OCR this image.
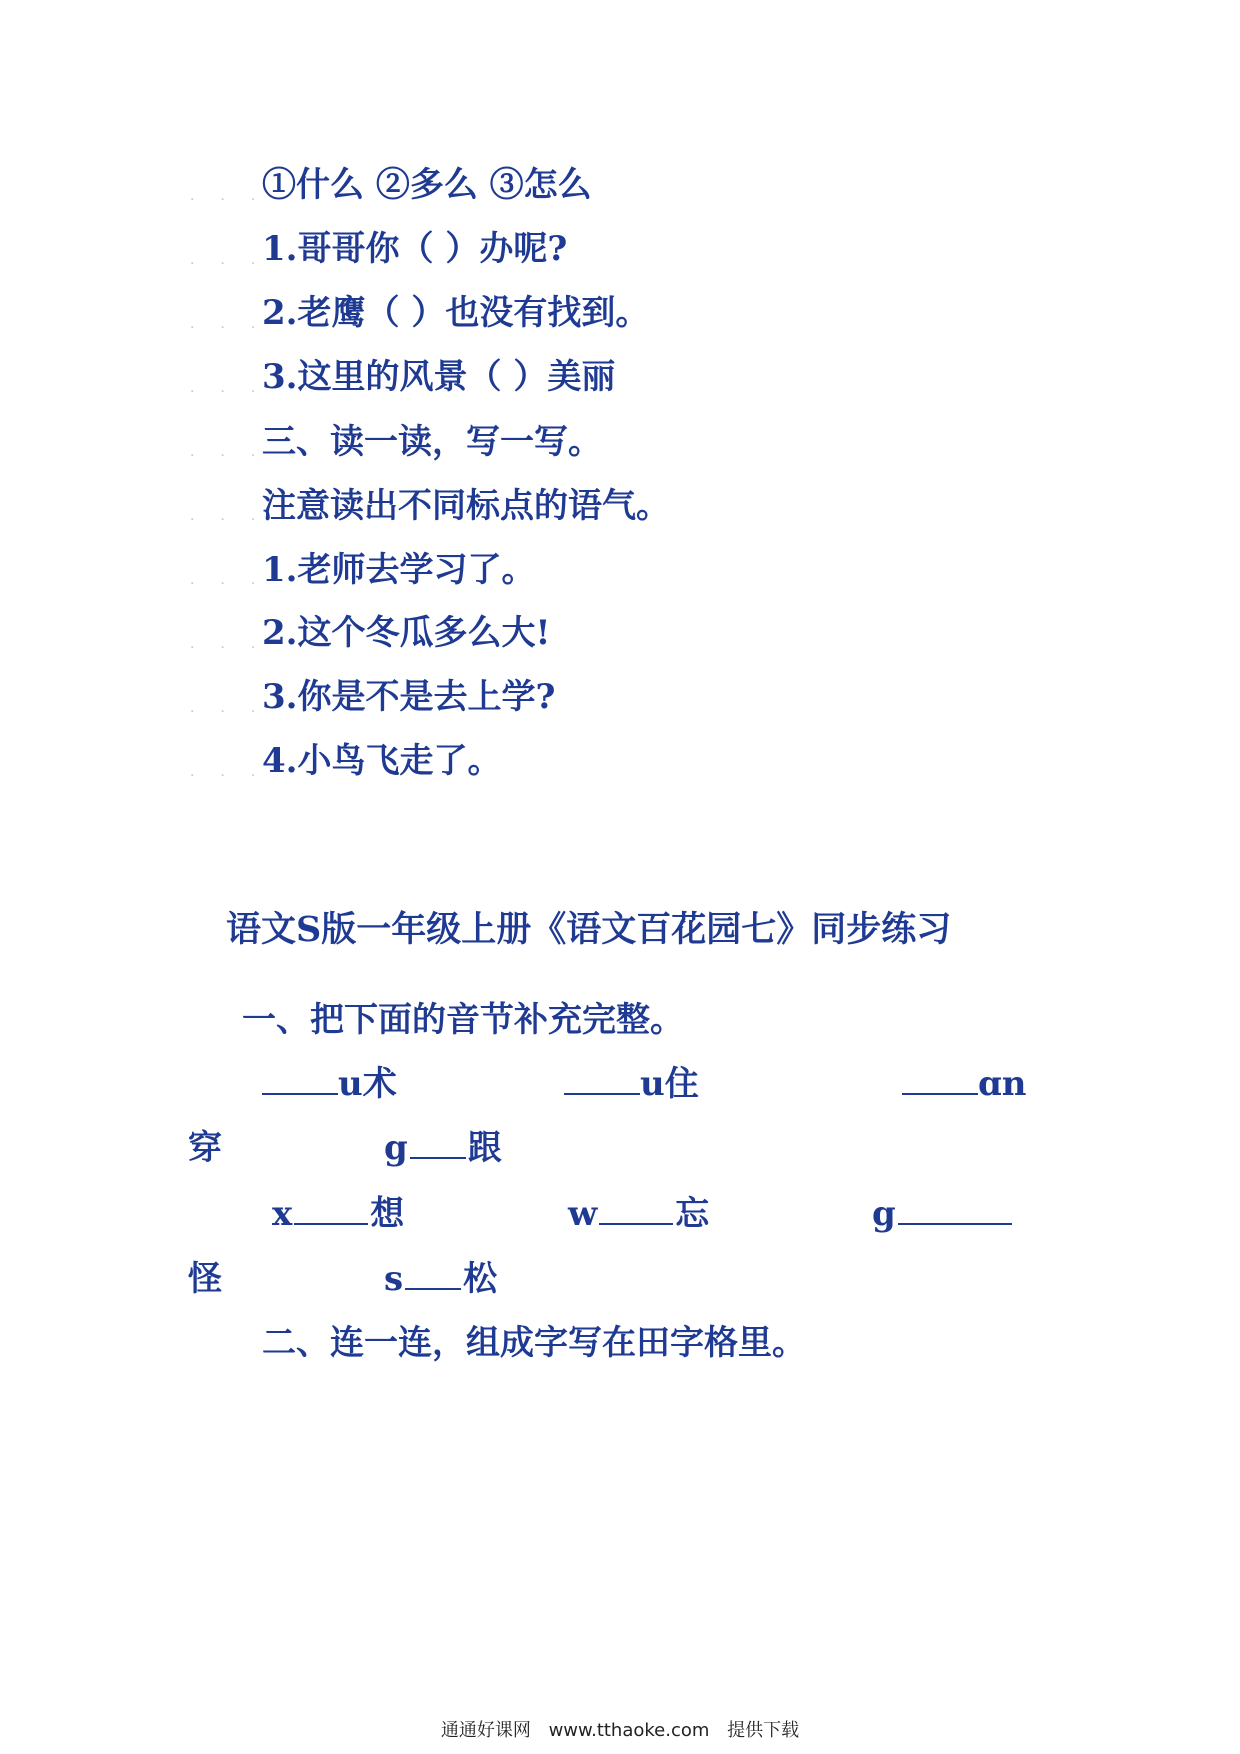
···
···
···
···
···
···
···
···
···
···
①什么 ②多么 ③怎么
1.哥哥你（ ）办呢?
2.老鹰（ ）也没有找到。
3.这里的风景（ ）美丽
三、读一读，写一写。
注意读出不同标点的语气。
1.老师去学习了。
2.这个冬瓜多么大!
3.你是不是去上学?
4.小鸟飞走了。
语文S版一年级上册《语文百花园七》同步练习
一、把下面的音节补充完整。
u术	u住	ɑn
穿	g 跟
x 想	w 忘	g
怪	s 松
二、连一连，组成字写在田字格里。
通通好课网 www.tthaoke.com 提供下载
